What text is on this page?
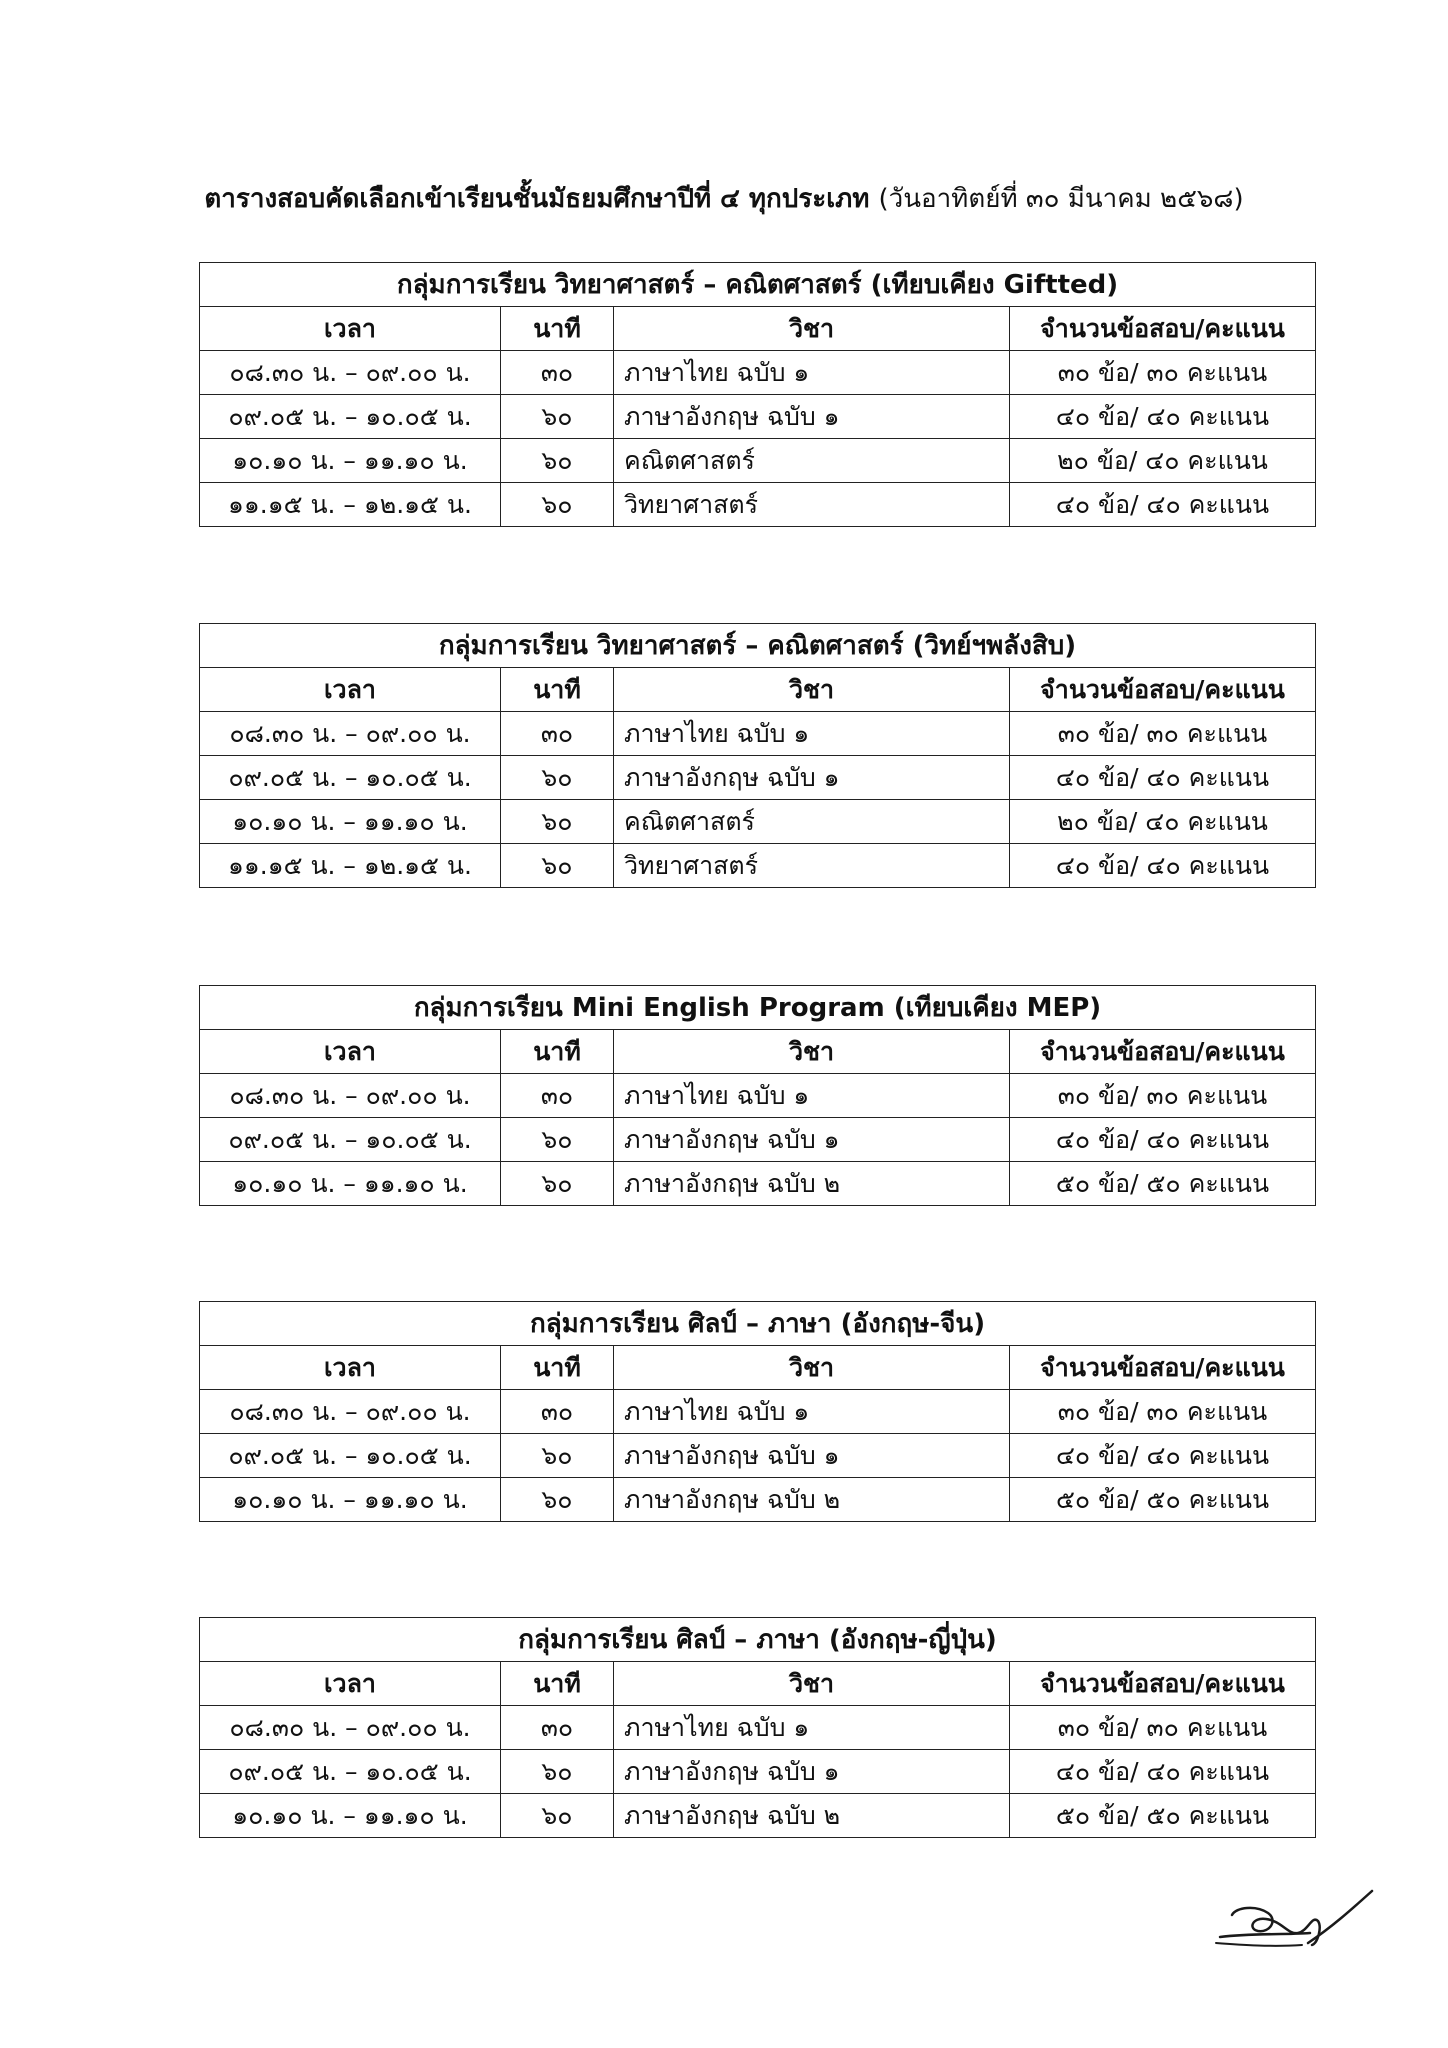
ตารางสอบคัดเลือกเข้าเรียนชั้นมัธยมศึกษาปีที่ ๔ ทุกประเภท (วันอาทิตย์ที่ ๓๐ มีนาคม ๒๕๖๘)
กลุ่มการเรียน วิทยาศาสตร์ – คณิตศาสตร์ (เทียบเคียง Giftted)			
เวลา	นาที	วิชา	จำนวนข้อสอบ/คะแนน
๐๘.๓๐ น. – ๐๙.๐๐ น.	๓๐	ภาษาไทย ฉบับ ๑	๓๐ ข้อ/ ๓๐ คะแนน
๐๙.๐๕ น. – ๑๐.๐๕ น.	๖๐	ภาษาอังกฤษ ฉบับ ๑	๔๐ ข้อ/ ๔๐ คะแนน
๑๐.๑๐ น. – ๑๑.๑๐ น.	๖๐	คณิตศาสตร์	๒๐ ข้อ/ ๔๐ คะแนน
๑๑.๑๕ น. – ๑๒.๑๕ น.	๖๐	วิทยาศาสตร์	๔๐ ข้อ/ ๔๐ คะแนน
กลุ่มการเรียน วิทยาศาสตร์ – คณิตศาสตร์ (วิทย์ฯพลังสิบ)			
เวลา	นาที	วิชา	จำนวนข้อสอบ/คะแนน
๐๘.๓๐ น. – ๐๙.๐๐ น.	๓๐	ภาษาไทย ฉบับ ๑	๓๐ ข้อ/ ๓๐ คะแนน
๐๙.๐๕ น. – ๑๐.๐๕ น.	๖๐	ภาษาอังกฤษ ฉบับ ๑	๔๐ ข้อ/ ๔๐ คะแนน
๑๐.๑๐ น. – ๑๑.๑๐ น.	๖๐	คณิตศาสตร์	๒๐ ข้อ/ ๔๐ คะแนน
๑๑.๑๕ น. – ๑๒.๑๕ น.	๖๐	วิทยาศาสตร์	๔๐ ข้อ/ ๔๐ คะแนน
กลุ่มการเรียน Mini English Program (เทียบเคียง MEP)			
เวลา	นาที	วิชา	จำนวนข้อสอบ/คะแนน
๐๘.๓๐ น. – ๐๙.๐๐ น.	๓๐	ภาษาไทย ฉบับ ๑	๓๐ ข้อ/ ๓๐ คะแนน
๐๙.๐๕ น. – ๑๐.๐๕ น.	๖๐	ภาษาอังกฤษ ฉบับ ๑	๔๐ ข้อ/ ๔๐ คะแนน
๑๐.๑๐ น. – ๑๑.๑๐ น.	๖๐	ภาษาอังกฤษ ฉบับ ๒	๕๐ ข้อ/ ๕๐ คะแนน
กลุ่มการเรียน ศิลป์ – ภาษา (อังกฤษ-จีน)			
เวลา	นาที	วิชา	จำนวนข้อสอบ/คะแนน
๐๘.๓๐ น. – ๐๙.๐๐ น.	๓๐	ภาษาไทย ฉบับ ๑	๓๐ ข้อ/ ๓๐ คะแนน
๐๙.๐๕ น. – ๑๐.๐๕ น.	๖๐	ภาษาอังกฤษ ฉบับ ๑	๔๐ ข้อ/ ๔๐ คะแนน
๑๐.๑๐ น. – ๑๑.๑๐ น.	๖๐	ภาษาอังกฤษ ฉบับ ๒	๕๐ ข้อ/ ๕๐ คะแนน
กลุ่มการเรียน ศิลป์ – ภาษา (อังกฤษ-ญี่ปุ่น)			
เวลา	นาที	วิชา	จำนวนข้อสอบ/คะแนน
๐๘.๓๐ น. – ๐๙.๐๐ น.	๓๐	ภาษาไทย ฉบับ ๑	๓๐ ข้อ/ ๓๐ คะแนน
๐๙.๐๕ น. – ๑๐.๐๕ น.	๖๐	ภาษาอังกฤษ ฉบับ ๑	๔๐ ข้อ/ ๔๐ คะแนน
๑๐.๑๐ น. – ๑๑.๑๐ น.	๖๐	ภาษาอังกฤษ ฉบับ ๒	๕๐ ข้อ/ ๕๐ คะแนน
